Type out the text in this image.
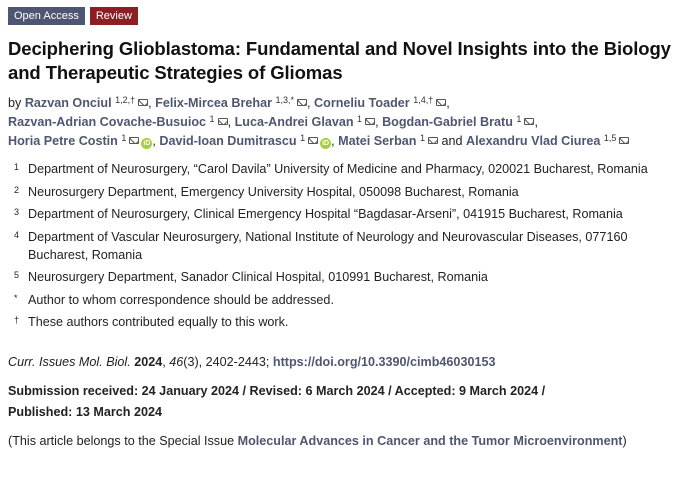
Open Access	Review
Deciphering Glioblastoma: Fundamental and Novel Insights into the Biology and Therapeutic Strategies of Gliomas
by Razvan Onciul $^{1,2,\dagger}$ , Felix-Mircea Brehar $^{1,3,*}$ , Corneliu Toader $^{1,4,\dagger}$ ,
Razvan-Adrian Covache-Busuioc $^1$ , Luca-Andrei Glavan $^1$ , Bogdan-Gabriel Bratu $^1$ ,
Horia Petre Costin $^1$iD , David-Ioan Dumitrascu $^1$iD , Matei Serban $^1$ and Alexandru Vlad Ciurea $^{1,5}$
1 Department of Neurosurgery, “Carol Davila” University of Medicine and Pharmacy, 020021 Bucharest, Romania
2 Neurosurgery Department, Emergency University Hospital, 050098 Bucharest, Romania
3 Department of Neurosurgery, Clinical Emergency Hospital “Bagdasar-Arseni”, 041915 Bucharest, Romania
4 Department of Vascular Neurosurgery, National Institute of Neurology and Neurovascular Diseases, 077160 Bucharest, Romania
5 Neurosurgery Department, Sanador Clinical Hospital, 010991 Bucharest, Romania
* Author to whom correspondence should be addressed.
† These authors contributed equally to this work.
Curr. Issues Mol. Biol. 2024, 46(3), 2402-2443; https://doi.org/10.3390/cimb46030153
Submission received: 24 January 2024 / Revised: 6 March 2024 / Accepted: 9 March 2024 /
Published: 13 March 2024
(This article belongs to the Special Issue Molecular Advances in Cancer and the Tumor Microenvironment)
